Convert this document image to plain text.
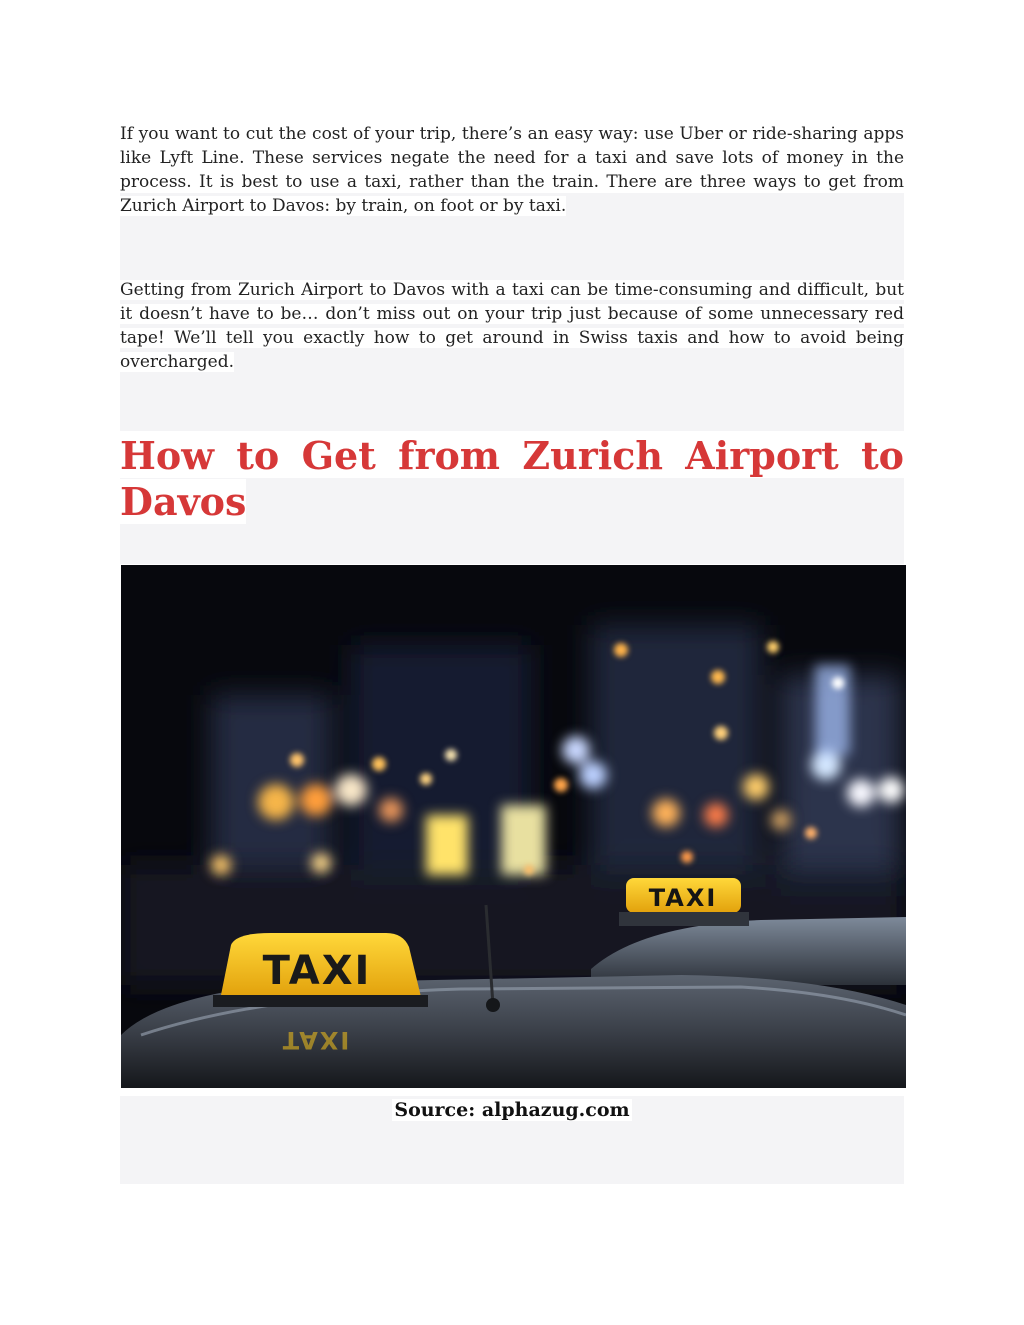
If you want to cut the cost of your trip, there’s an easy way: use Uber or ride-sharing apps like Lyft Line. These services negate the need for a taxi and save lots of money in the process. It is best to use a taxi, rather than the train. There are three ways to get from Zurich Airport to Davos: by train, on foot or by taxi.

Getting from Zurich Airport to Davos with a taxi can be time-consuming and difficult, but it doesn’t have to be… don’t miss out on your trip just because of some unnecessary red tape! We’ll tell you exactly how to get around in Swiss taxis and how to avoid being overcharged.

How to Get from Zurich Airport to Davos
TAXI
TAXI
TAXI
Source: alphazug.com
